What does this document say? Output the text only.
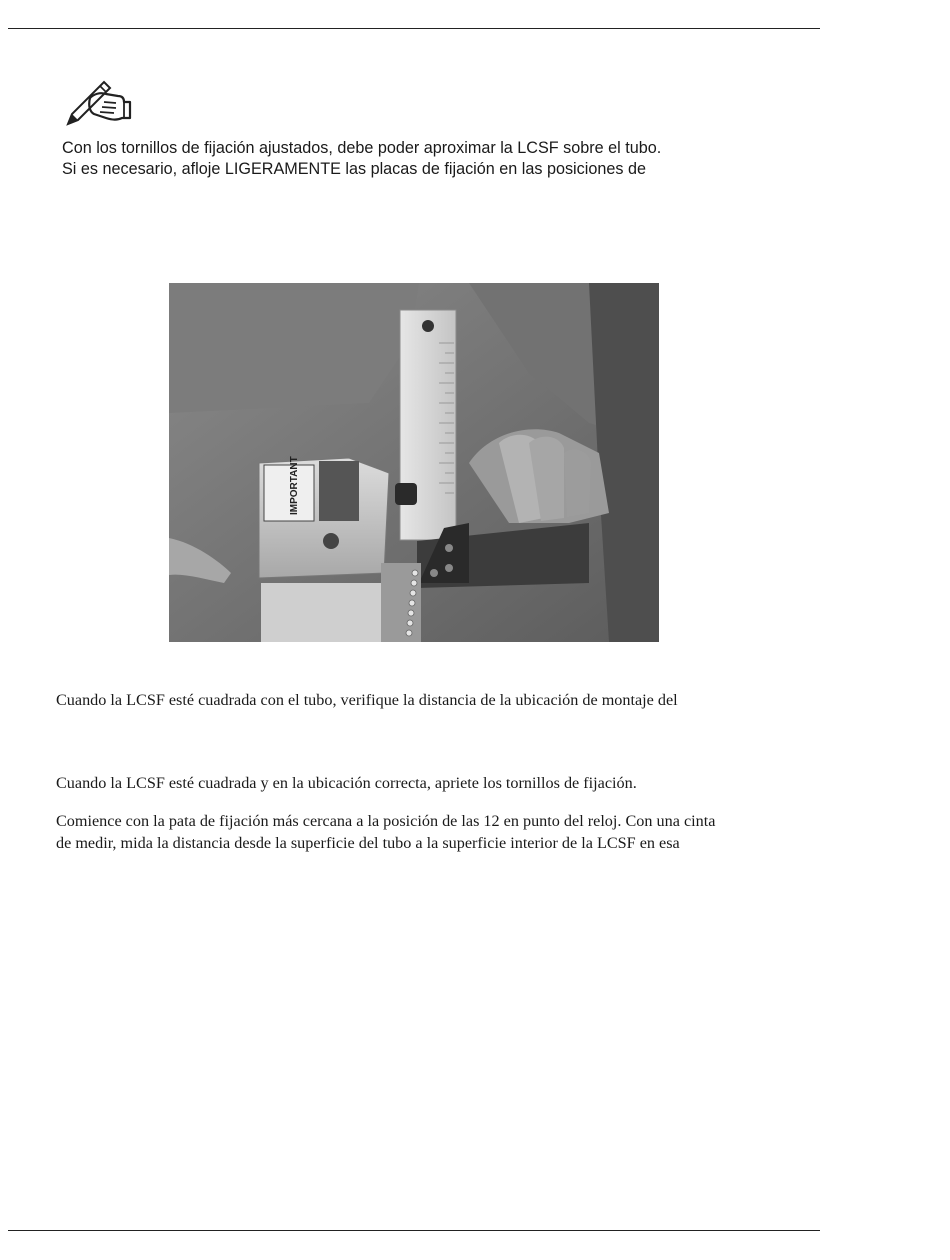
Con los tornillos de fijación ajustados, debe poder aproximar la LCSF sobre el tubo.

Si es necesario, afloje LIGERAMENTE las placas de fijación en las posiciones de

IMPORTANT

Cuando la LCSF esté cuadrada con el tubo, verifique la distancia de la ubicación de montaje del

Cuando la LCSF esté cuadrada y en la ubicación correcta, apriete los tornillos de fijación.

Comience con la pata de fijación más cercana a la posición de las 12 en punto del reloj. Con una cinta

de medir, mida la distancia desde la superficie del tubo a la superficie interior de la LCSF en esa
